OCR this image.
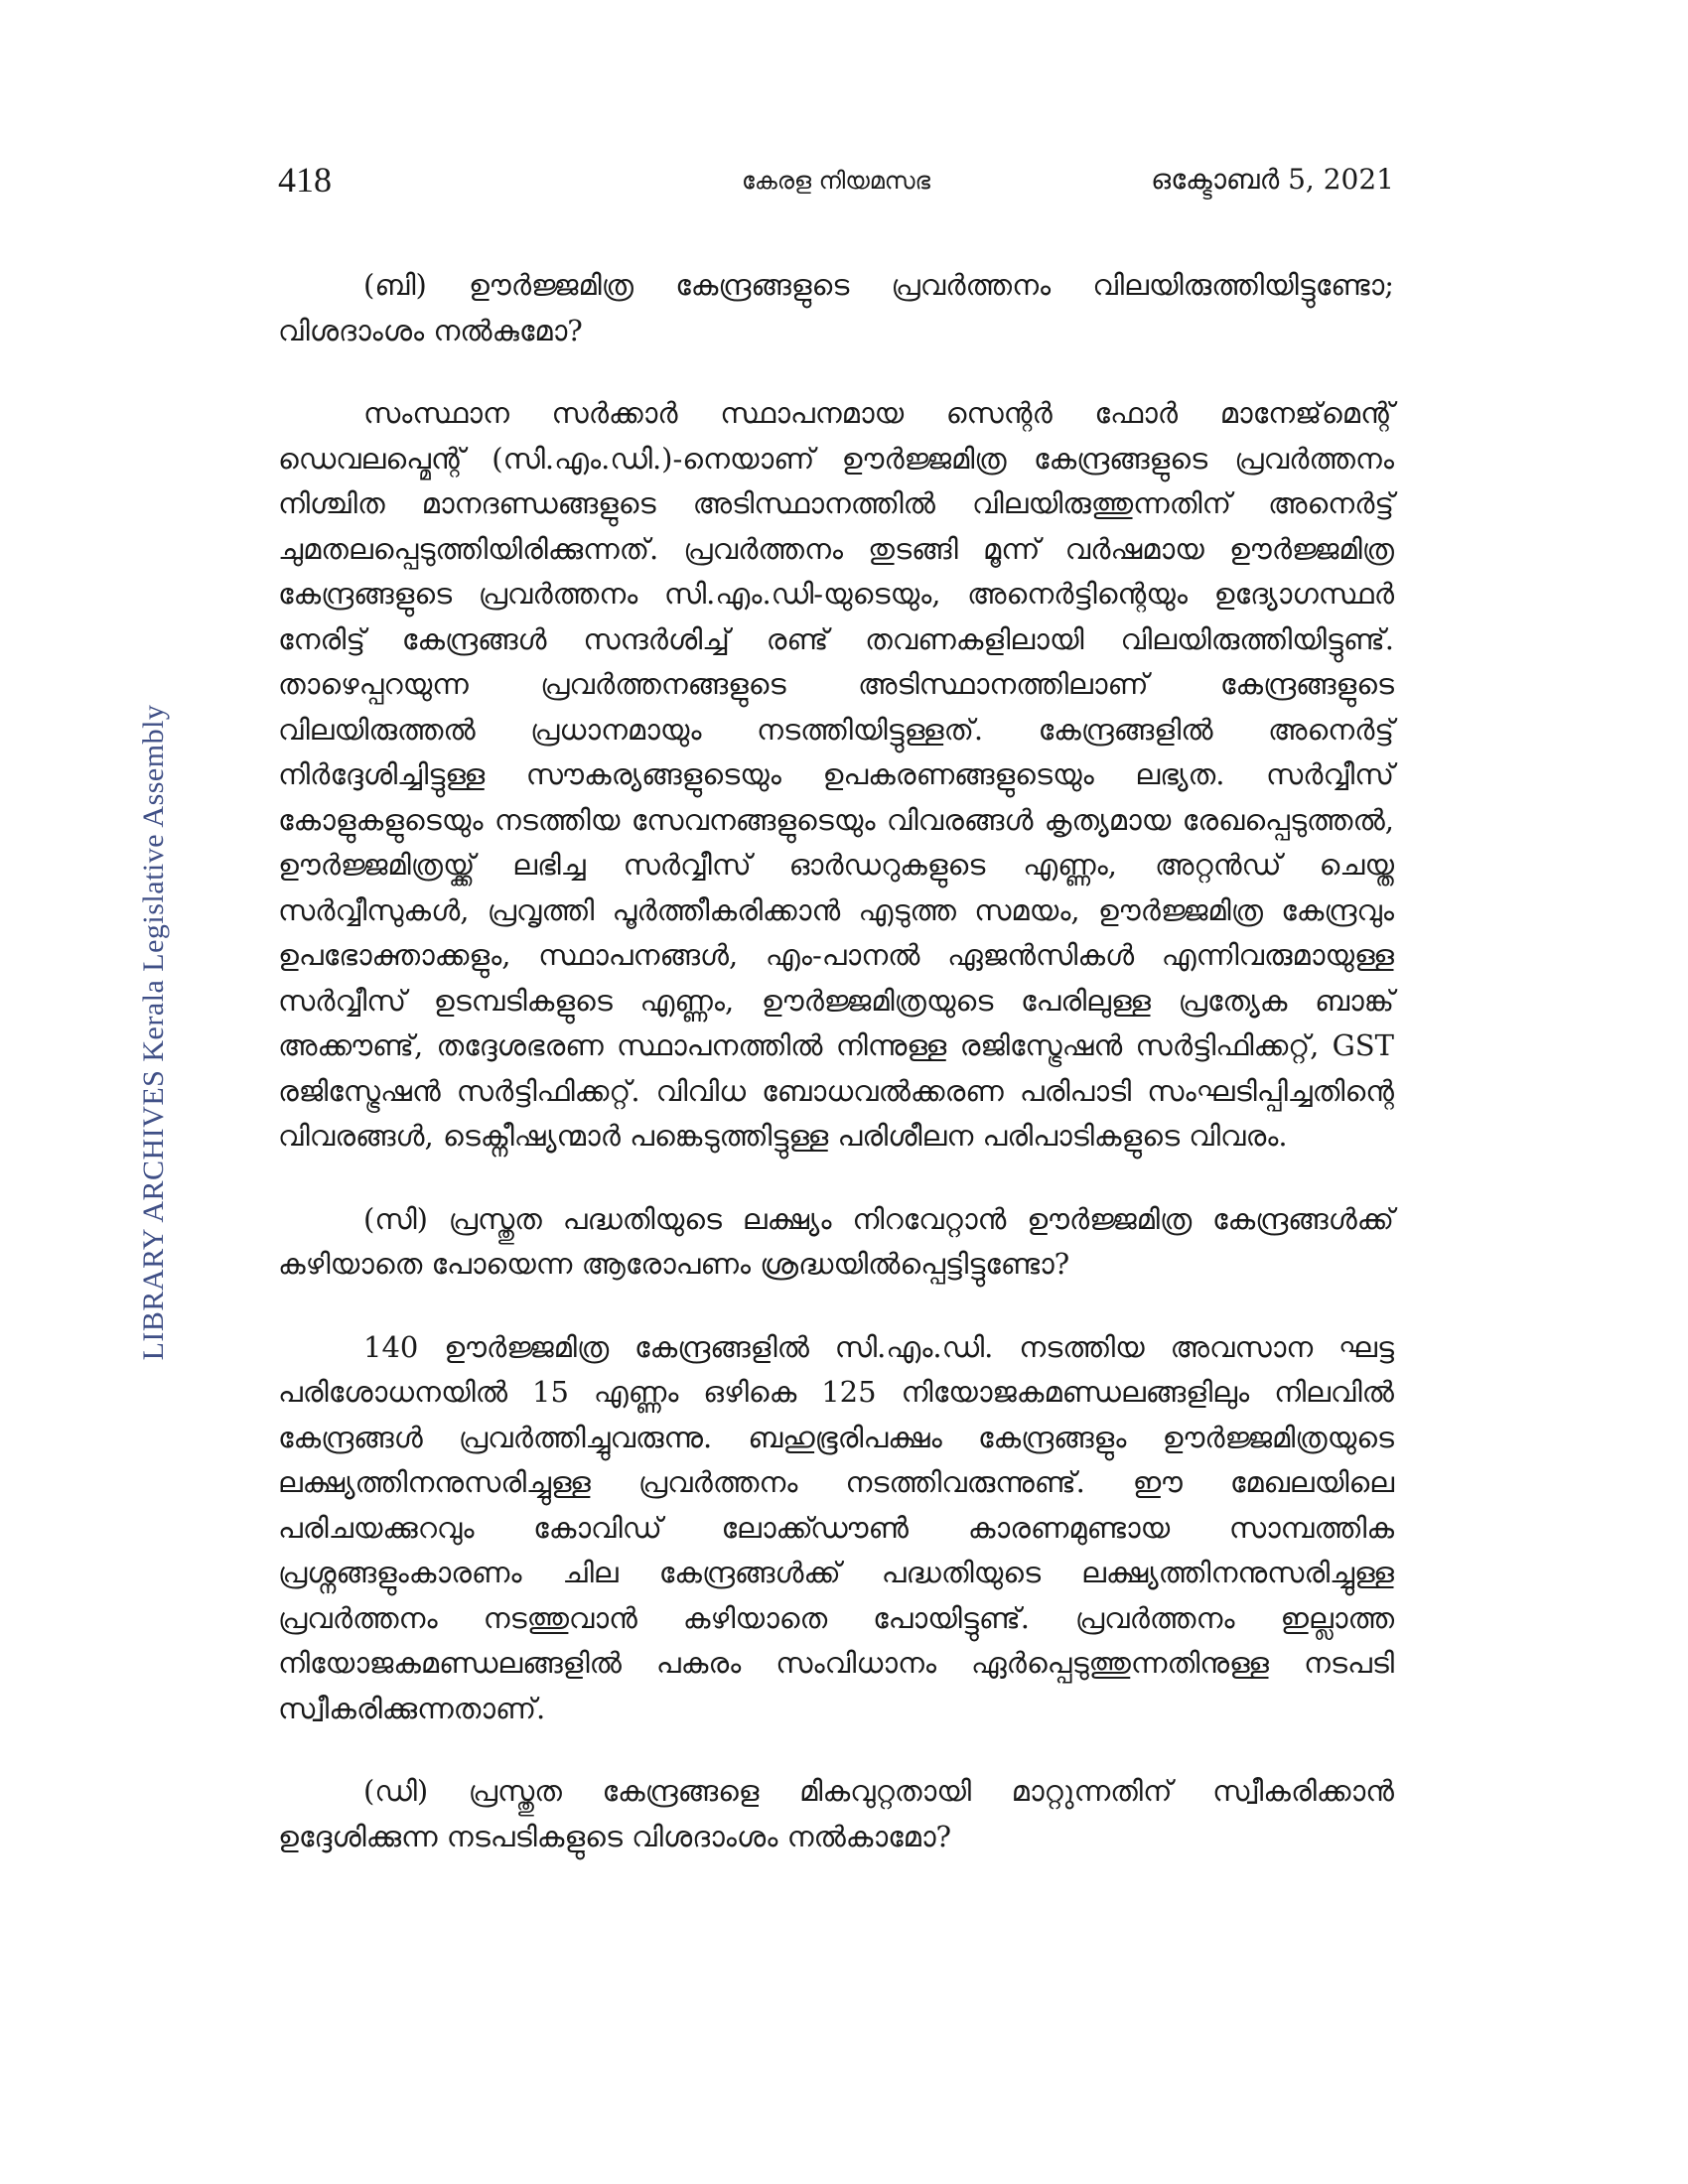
418	കേരള നിയമസഭ	ഒക്ടോബർ 5, 2021
LIBRARY ARCHIVES Kerala Legislative Assembly

(ബി) ഊർജ്ജമിത്ര കേന്ദ്രങ്ങളുടെ പ്രവർത്തനം വിലയിരുത്തിയിട്ടുണ്ടോ; വിശദാംശം നൽകുമോ?

സംസ്ഥാന സർക്കാർ സ്ഥാപനമായ സെന്റർ ഫോർ മാനേജ്‌മെന്റ് ഡെവലപ്മെന്റ് (സി.എം.ഡി.)-നെയാണ് ഊർജ്ജമിത്ര കേന്ദ്രങ്ങളുടെ പ്രവർത്തനം നിശ്ചിത മാനദണ്ഡങ്ങളുടെ അടിസ്ഥാനത്തിൽ വിലയിരുത്തുന്നതിന് അനെർട്ട് ചുമതലപ്പെടുത്തിയിരിക്കുന്നത്. പ്രവർത്തനം തുടങ്ങി മൂന്ന് വർഷമായ ഊർജ്ജമിത്ര കേന്ദ്രങ്ങളുടെ പ്രവർത്തനം സി.എം.ഡി-യുടെയും, അനെർട്ടിന്റെയും ഉദ്യോഗസ്ഥർ നേരിട്ട് കേന്ദ്രങ്ങൾ സന്ദർശിച്ച് രണ്ട് തവണകളിലായി വിലയിരുത്തിയിട്ടുണ്ട്. താഴെപ്പറയുന്ന പ്രവർത്തനങ്ങളുടെ അടിസ്ഥാനത്തിലാണ് കേന്ദ്രങ്ങളുടെ വിലയിരുത്തൽ പ്രധാനമായും നടത്തിയിട്ടുള്ളത്. കേന്ദ്രങ്ങളിൽ അനെർട്ട് നിർദ്ദേശിച്ചിട്ടുള്ള സൗകര്യങ്ങളുടെയും ഉപകരണങ്ങളുടെയും ലഭ്യത. സർവ്വീസ് കോളുകളുടെയും നടത്തിയ സേവനങ്ങളുടെയും വിവരങ്ങൾ കൃത്യമായ രേഖപ്പെടുത്തൽ, ഊർജ്ജമിത്രയ്ക്ക് ലഭിച്ച സർവ്വീസ് ഓർഡറുകളുടെ എണ്ണം, അറ്റൻഡ് ചെയ്ത സർവ്വീസുകൾ, പ്രവൃത്തി പൂർത്തീകരിക്കാൻ എടുത്ത സമയം, ഊർജ്ജമിത്ര കേന്ദ്രവും ഉപഭോക്താക്കളും, സ്ഥാപനങ്ങൾ, എം-പാനൽ ഏജൻസികൾ എന്നിവരുമായുള്ള സർവ്വീസ് ഉടമ്പടികളുടെ എണ്ണം, ഊർജ്ജമിത്രയുടെ പേരിലുള്ള പ്രത്യേക ബാങ്ക് അക്കൗണ്ട്, തദ്ദേശഭരണ സ്ഥാപനത്തിൽ നിന്നുള്ള രജിസ്ട്രേഷൻ സർട്ടിഫിക്കറ്റ്, GST രജിസ്ട്രേഷൻ സർട്ടിഫിക്കറ്റ്. വിവിധ ബോധവൽക്കരണ പരിപാടി സംഘടിപ്പിച്ചതിന്റെ വിവരങ്ങൾ, ടെക്നീഷ്യന്മാർ പങ്കെടുത്തിട്ടുള്ള പരിശീലന പരിപാടികളുടെ വിവരം.

(സി) പ്രസ്തുത പദ്ധതിയുടെ ലക്ഷ്യം നിറവേറ്റാൻ ഊർജ്ജമിത്ര കേന്ദ്രങ്ങൾക്ക് കഴിയാതെ പോയെന്ന ആരോപണം ശ്രദ്ധയിൽപ്പെട്ടിട്ടുണ്ടോ?

140 ഊർജ്ജമിത്ര കേന്ദ്രങ്ങളിൽ സി.എം.ഡി. നടത്തിയ അവസാന ഘട്ട പരിശോധനയിൽ 15 എണ്ണം ഒഴികെ 125 നിയോജകമണ്ഡലങ്ങളിലും നിലവിൽ കേന്ദ്രങ്ങൾ പ്രവർത്തിച്ചുവരുന്നു. ബഹുഭൂരിപക്ഷം കേന്ദ്രങ്ങളും ഊർജ്ജമിത്രയുടെ ലക്ഷ്യത്തിനനുസരിച്ചുള്ള പ്രവർത്തനം നടത്തിവരുന്നുണ്ട്. ഈ മേഖലയിലെ പരിചയക്കുറവും കോവിഡ് ലോക്ക്ഡൗൺ കാരണമുണ്ടായ സാമ്പത്തിക പ്രശ്നങ്ങളുംകാരണം ചില കേന്ദ്രങ്ങൾക്ക് പദ്ധതിയുടെ ലക്ഷ്യത്തിനനുസരിച്ചുള്ള പ്രവർത്തനം നടത്തുവാൻ കഴിയാതെ പോയിട്ടുണ്ട്. പ്രവർത്തനം ഇല്ലാത്ത നിയോജകമണ്ഡലങ്ങളിൽ പകരം സംവിധാനം ഏർപ്പെടുത്തുന്നതിനുള്ള നടപടി സ്വീകരിക്കുന്നതാണ്.

(ഡി) പ്രസ്തുത കേന്ദ്രങ്ങളെ മികവുറ്റതായി മാറ്റുന്നതിന് സ്വീകരിക്കാൻ ഉദ്ദേശിക്കുന്ന നടപടികളുടെ വിശദാംശം നൽകാമോ?
